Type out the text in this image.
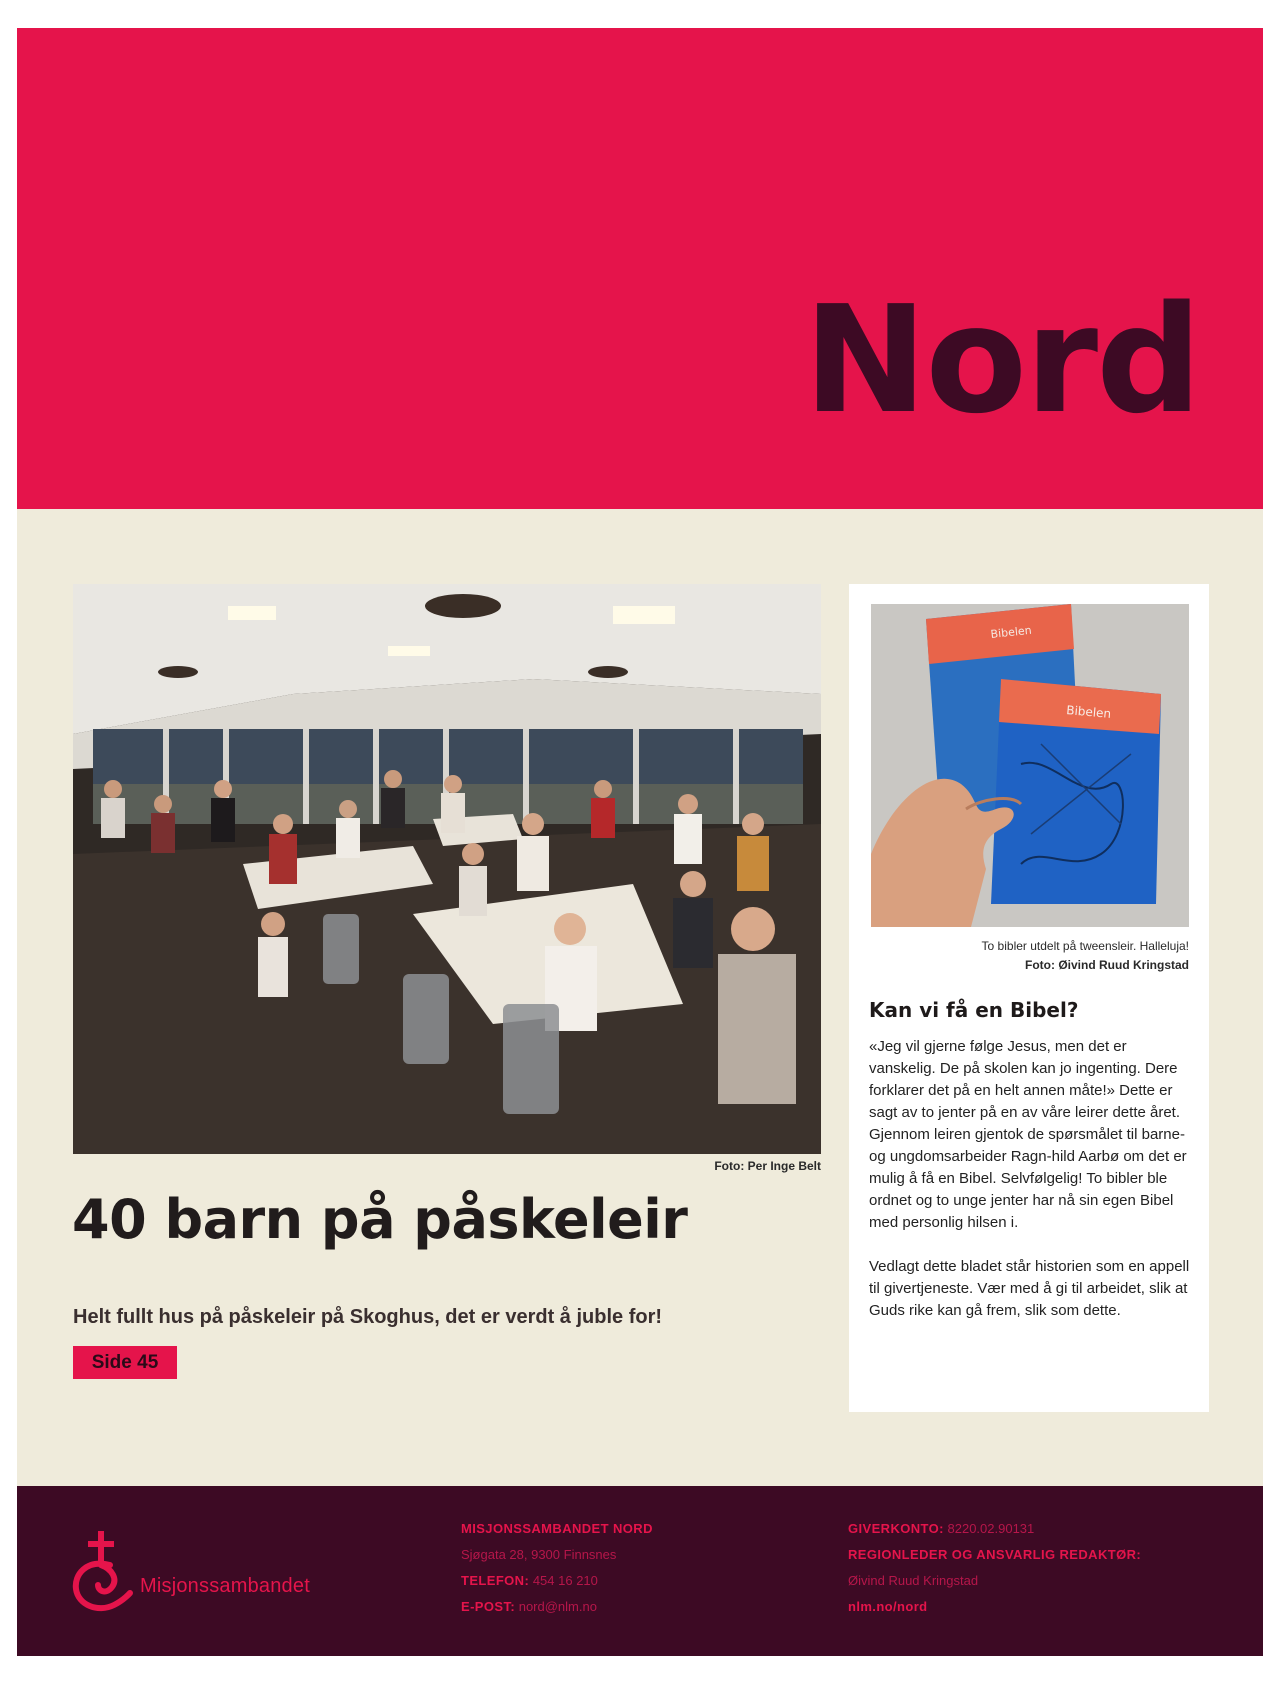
Nord
Foto: Per Inge Belt
40 barn på påskeleir
Helt fullt hus på påskeleir på Skoghus, det er verdt å juble for!
Side 45
Bibelen
Bibelen
To bibler utdelt på tweensleir. Halleluja!
Foto: Øivind Ruud Kringstad
Kan vi få en Bibel?

«Jeg vil gjerne følge Jesus, men det er vanskelig. De på skolen kan jo ingenting. Dere forklarer det på en helt annen måte!» Dette er sagt av to jenter på en av våre leirer dette året. Gjennom leiren gjentok de spørsmålet til barne- og ungdomsarbeider Ragn-hild Aarbø om det er mulig å få en Bibel. Selvfølgelig! To bibler ble ordnet og to unge jenter har nå sin egen Bibel med personlig hilsen i.

Vedlagt dette bladet står historien som en appell til givertjeneste. Vær med å gi til arbeidet, slik at Guds rike kan gå frem, slik som dette.

Misjonssambandet
MISJONSSAMBANDET NORD
Sjøgata 28, 9300 Finnsnes
TELEFON: 454 16 210
E-POST: nord@nlm.no
GIVERKONTO: 8220.02.90131
REGIONLEDER OG ANSVARLIG REDAKTØR:
Øivind Ruud Kringstad
nlm.no/nord
